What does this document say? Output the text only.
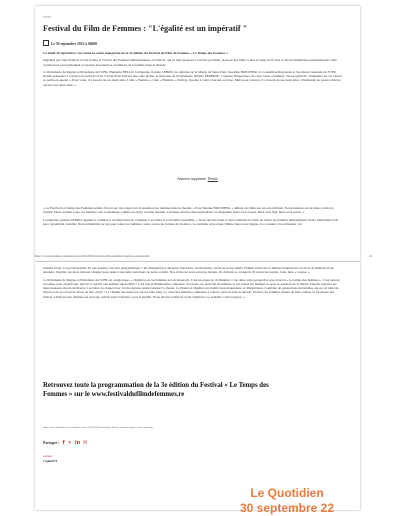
LYSS
Festival du Film de Femmes : "L'égalité est un impératif "
Le 30 septembre 2022 à 06h00

Ce lundi 26 septembre s'est tenue la soirée inaugurale de la 3e édition du Festival du Film de Femmes « Le Temps des Femmes ».

Organisé par Ciné Festival Golan Italien et l'Union des Femmes Réunionnaises, le festival, qui se tient jusqu'au 2 octobre prochain, propose des films courts et longs de fiction et des documentaires internationaux. Des conférences sont également proposées abordant les conditions de la femme dans le monde.

La Présidente de Région et Présidente de l'UFR, Huguette BELLO, la Députée, Karine LEBON, les adjoints de la Mairie de Saint-Paul, Sandrine BOUCHER, la Conseillère Régionale et Secrétaire Générale de l'UFR étaient présentes à Loyasa Lucorém de Lisle à Saint-Paul. Devant une salle pleine, la marraine de l'évènement, Delixia PERRINE, a rappelé l'importance de cette cause commune. Tel un symbole, l'humanité est cet oiseau, ce paille-en-queue. « Pour voler, il a besoin de ses deux ailes. L'aile « Femme », l'aile « Homme ». Parfois, il peine à voler. Une aile se brise. Mais pour avancer, il a besoin de ses deux ailes. L'humanité ne pourra s'élever qu'avec ses deux ailes. »

Annonce supprimée. Détails

« Le Festival Le Temps des Femmes permet d'avoir un vrai regard sur la situation des femmes dans le monde. » Pour Sineike BOUCHER, « défiant ces films est un acte militant. Notre mission est de tenter contre la fatalité. Dans certains pays, les femmes sont considérées comme un objet, un bien meuble. Certaines d'entre elles surmontent ces inégalités. Rien n'est acquis. Rien n'est figé. Rien n'est perdu. »

La Députée, Karine LEBON rappelle à combien il est important de continuer à se battre et à travailler ensemble. « Nous devons lutter et faire entendre la cause de toutes les femmes éminemment. Notre féminisme n'est pas à géométrie variable. Notre féminisme se bat pour toutes les femmes contre toutes les formes de violence. Le sexisme est partout. Même dans notre langue. Ce constant. Un ordinateur. Un

https://www.lequotidien.re/actualites/societe/2022/09/30/festival-du-film-de-femmes-legalite-est-un-imperatif	1/4

homme facile. Un professionnel. Et que pensez-vous des péripatéticiens ? De désignent les disciples d'Aristote. Au masculin, ces mots sont positifs. Fidèles l'exercice et utilisez maintenant ces mots au féminin. Pour atteindre l'égalité, les mots doivent changer pour aider à répondre aux maux de notre société. Nos droits ne nous sont pas donnés. Ils doivent se conquérir. Et rien n'est acquis. Cette lutte « longue. »

La Présidente de Région et Présidente de l'UFR est catégorique, « l'égalité pour les femmes est un impératif. C'est un enjeu de civilisation. C'est dans cette perspective que s'inscrit « Le temps des femmes ». C'est surtout un temps pour s'interroger. Qu'est ce qu'être une femme aujourd'hui ? C'est une problématique complexe. À travers ces portraits de femmes et par toutes les femmes se pose la question de la liberté. Depuis toujours les lieux hauteurs élevés de liberté. Cet idéal, de risquer avec l'ordre injuste. Aimé Césaire l'a chanté. La liberté et l'égalité ont éveillé bien d'espérance et d'inspiration. Combien de générations de femmes ont eu cet idéal de liberté pour se retrouver libres de leur choix ? Le chemin des luttes est encore bien long. Le carré des femmes continuent à s'élever partout dans le monde. En Iran, les femmes tentent de faire tomber la forteresse des barbus. L'histoire des femmes est un long combat pour la liberté, pour la égalité. Nous devons renforcer notre vigilance. Le sexisme court toujours. »

Retrouvez toute la programmation de la 3e édition du Festival « Le Temps des Femmes » sur le www.festivaldufilmdefemmes.re
https://www.lequotidien.re/actualites/societe/2022/09/30/festival-du-film-de-femmes-legalite-est-un-imperatif
Partager : f ✕ in ✉
Auteur :
rvginn974
Le Quotidien
30 septembre 22
